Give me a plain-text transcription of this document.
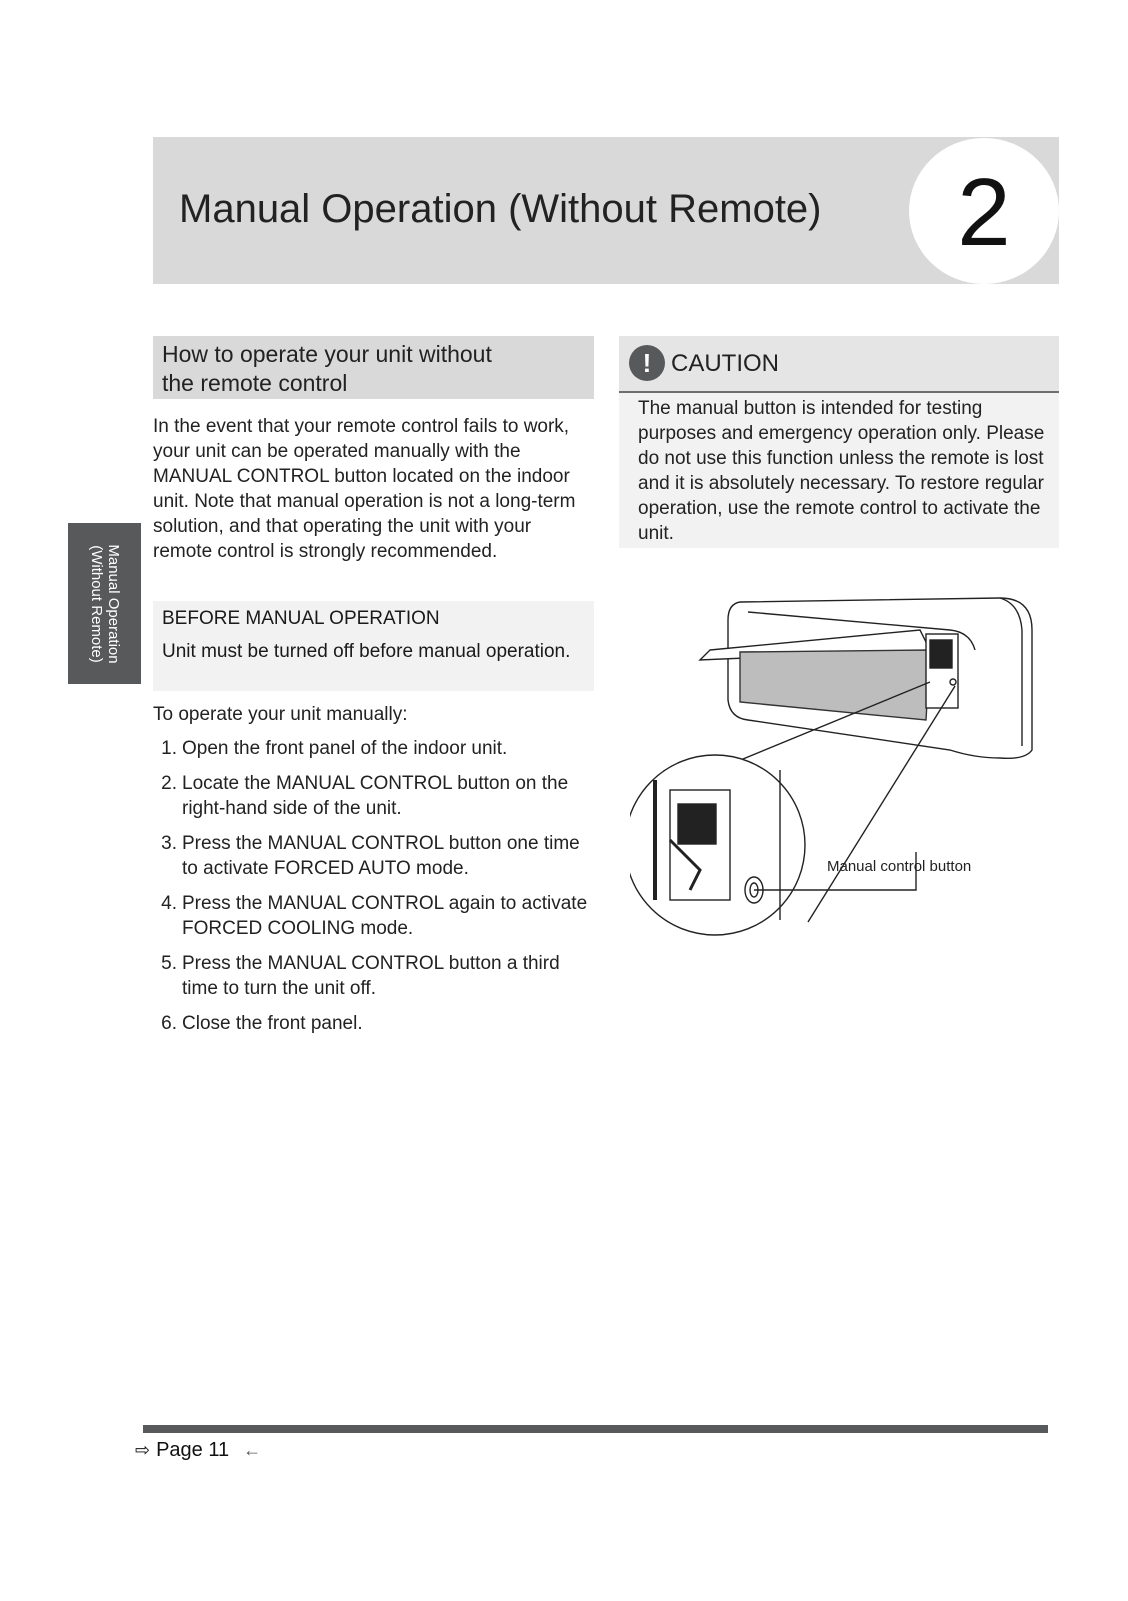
Manual Operation (Without Remote) 2
Manual Operation
(Without Remote)
How to operate your unit without
the remote control
In the event that your remote control fails to work, your unit can be operated manually with the MANUAL CONTROL button located on the indoor unit. Note that manual operation is not a long-term solution, and that operating the unit with your remote control is strongly recommended.
BEFORE MANUAL OPERATION
Unit must be turned off before manual operation.
To operate your unit manually:
1. Open the front panel of the indoor unit.
2. Locate the MANUAL CONTROL button on the right-hand side of the unit.
3. Press the MANUAL CONTROL button one time to activate FORCED AUTO mode.
4. Press the MANUAL CONTROL again to activate FORCED COOLING mode.
5. Press the MANUAL CONTROL button a third time to turn the unit off.
6. Close the front panel.
! CAUTION
The manual button is intended for testing purposes and emergency operation only. Please do not use this function unless the remote is lost and it is absolutely necessary. To restore regular operation, use the remote control to activate the unit.
Manual control button
⇨ Page 11 ←
